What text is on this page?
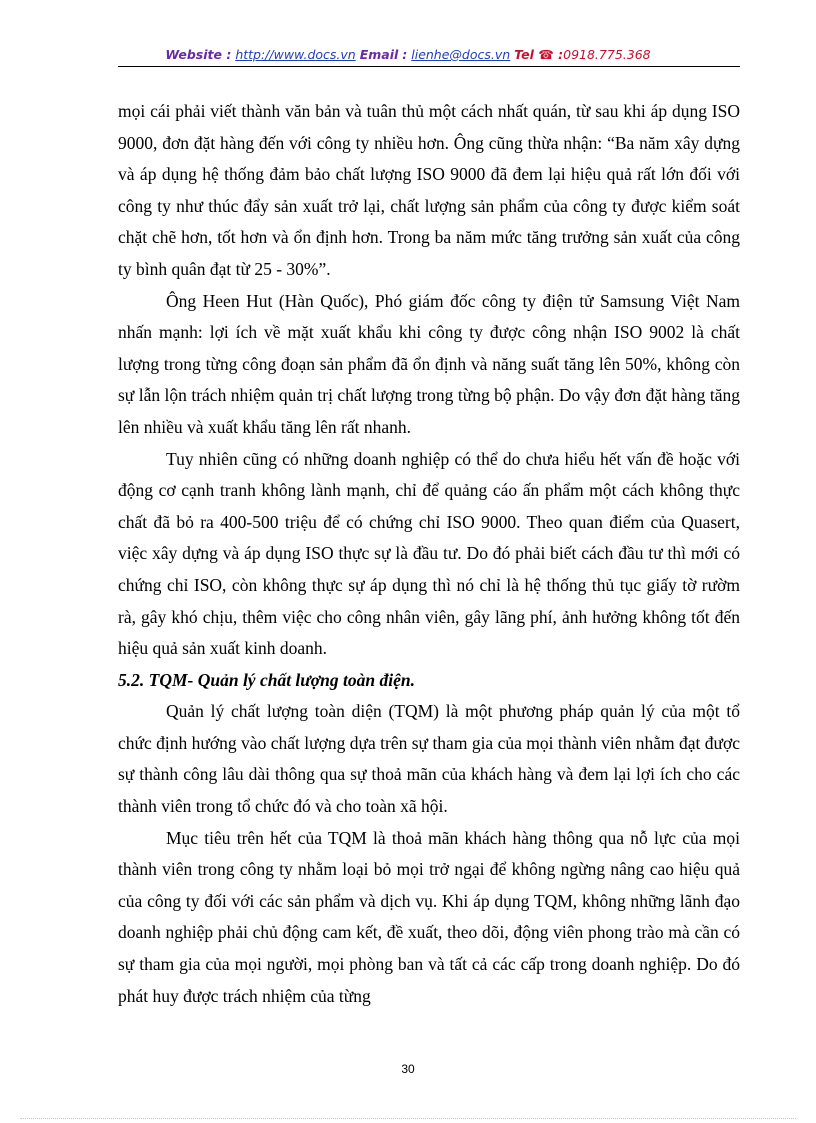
Website : http://www.docs.vn Email : lienhe@docs.vn Tel ☎ :0918.775.368

mọi cái phải viết thành văn bản và tuân thủ một cách nhất quán, từ sau khi áp dụng ISO 9000, đơn đặt hàng đến với công ty nhiều hơn. Ông cũng thừa nhận: “Ba năm xây dựng và áp dụng hệ thống đảm bảo chất lượng ISO 9000 đã đem lại hiệu quả rất lớn đối với công ty như thúc đẩy sản xuất trở lại, chất lượng sản phẩm của công ty được kiểm soát chặt chẽ hơn, tốt hơn và ổn định hơn. Trong ba năm mức tăng trưởng sản xuất của công ty bình quân đạt từ 25 - 30%”.

Ông Heen Hut (Hàn Quốc), Phó giám đốc công ty điện tử Samsung Việt Nam nhấn mạnh: lợi ích về mặt xuất khẩu khi công ty được công nhận ISO 9002 là chất lượng trong từng công đoạn sản phẩm đã ổn định và năng suất tăng lên 50%, không còn sự lẫn lộn trách nhiệm quản trị chất lượng trong từng bộ phận. Do vậy đơn đặt hàng tăng lên nhiều và xuất khẩu tăng lên rất nhanh.

Tuy nhiên cũng có những doanh nghiệp có thể do chưa hiểu hết vấn đề hoặc với động cơ cạnh tranh không lành mạnh, chỉ để quảng cáo ấn phẩm một cách không thực chất đã bỏ ra 400-500 triệu để có chứng chỉ ISO 9000. Theo quan điểm của Quasert, việc xây dựng và áp dụng ISO thực sự là đầu tư. Do đó phải biết cách đầu tư thì mới có chứng chỉ ISO, còn không thực sự áp dụng thì nó chỉ là hệ thống thủ tục giấy tờ rườm rà, gây khó chịu, thêm việc cho công nhân viên, gây lãng phí, ảnh hưởng không tốt đến hiệu quả sản xuất kinh doanh.

5.2. TQM- Quản lý chất lượng toàn điện.

Quản lý chất lượng toàn diện (TQM) là một phương pháp quản lý của một tổ chức định hướng vào chất lượng dựa trên sự tham gia của mọi thành viên nhằm đạt được sự thành công lâu dài thông qua sự thoả mãn của khách hàng và đem lại lợi ích cho các thành viên trong tổ chức đó và cho toàn xã hội.

Mục tiêu trên hết của TQM là thoả mãn khách hàng thông qua nỗ lực của mọi thành viên trong công ty nhằm loại bỏ mọi trở ngại để không ngừng nâng cao hiệu quả của công ty đối với các sản phẩm và dịch vụ. Khi áp dụng TQM, không những lãnh đạo doanh nghiệp phải chủ động cam kết, đề xuất, theo dõi, động viên phong trào mà cần có sự tham gia của mọi người, mọi phòng ban và tất cả các cấp trong doanh nghiệp. Do đó phát huy được trách nhiệm của từng

30
